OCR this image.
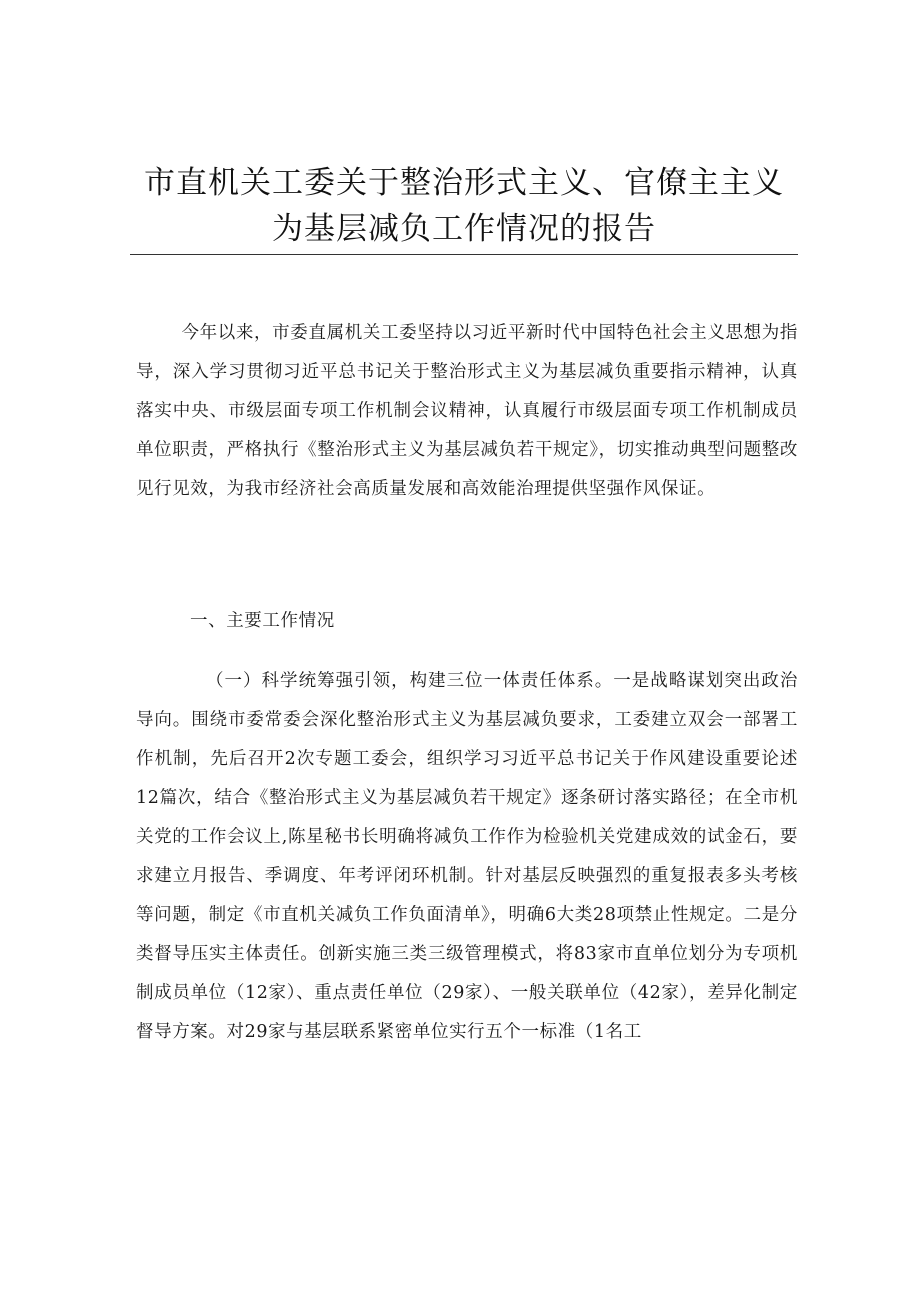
市直机关工委关于整治形式主义、官僚主主义
为基层减负工作情况的报告

今年以来，市委直属机关工委坚持以习近平新时代中国特色社会主义思想为指导，深入学习贯彻习近平总书记关于整治形式主义为基层减负重要指示精神，认真落实中央、市级层面专项工作机制会议精神，认真履行市级层面专项工作机制成员单位职责，严格执行《整治形式主义为基层减负若干规定》，切实推动典型问题整改见行见效，为我市经济社会高质量发展和高效能治理提供坚强作风保证。

一、主要工作情况

（一）科学统筹强引领，构建三位一体责任体系。一是战略谋划突出政治导向。围绕市委常委会深化整治形式主义为基层减负要求，工委建立双会一部署工作机制，先后召开2次专题工委会，组织学习习近平总书记关于作风建设重要论述12篇次，结合《整治形式主义为基层减负若干规定》逐条研讨落实路径；在全市机关党的工作会议上,陈星秘书长明确将减负工作作为检验机关党建成效的试金石，要求建立月报告、季调度、年考评闭环机制。针对基层反映强烈的重复报表多头考核等问题，制定《市直机关减负工作负面清单》，明确6大类28项禁止性规定。二是分类督导压实主体责任。创新实施三类三级管理模式，将83家市直单位划分为专项机制成员单位（12家）、重点责任单位（29家）、一般关联单位（42家），差异化制定督导方案。对29家与基层联系紧密单位实行五个一标准（1名工
